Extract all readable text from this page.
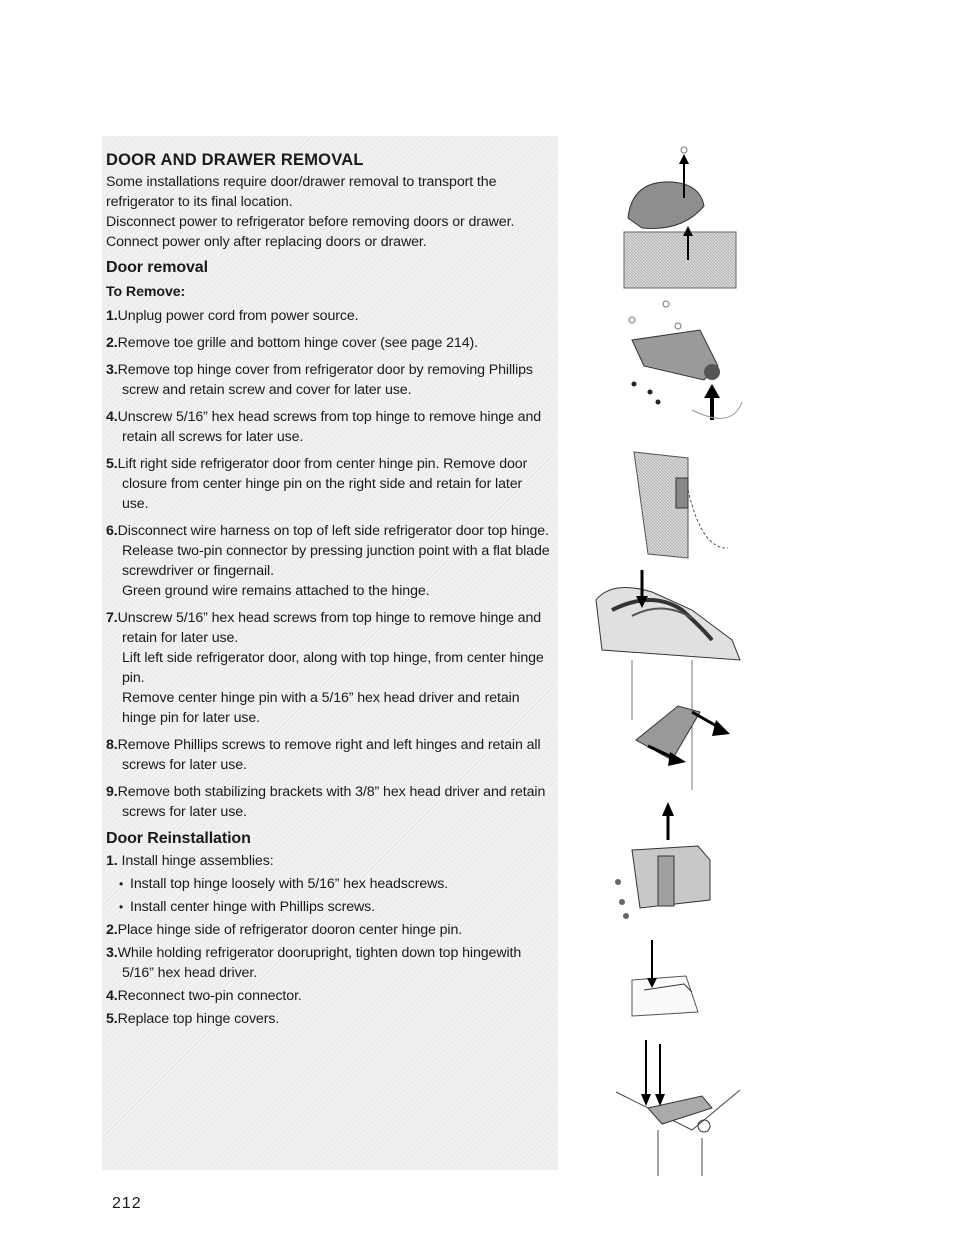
DOOR AND DRAWER REMOVAL

Some installations require door/drawer removal to transport the refrigerator to its final location.

Disconnect power to refrigerator before removing doors or drawer. Connect power only after replacing doors or drawer.

Door removal
To Remove:
1.Unplug power cord from power source.
2.Remove toe grille and bottom hinge cover (see page 214).
3.Remove top hinge cover from refrigerator door by removing Phillips screw and retain screw and cover for later use.
4.Unscrew 5/16” hex head screws from top hinge to remove hinge and retain all screws for later use.
5.Lift right side refrigerator door from center hinge pin. Remove door closure from center hinge pin on the right side and retain for later use.
6.Disconnect wire harness on top of left side refrigerator door top hinge.
Release two-pin connector by pressing junction point with a flat blade screwdriver or fingernail.
Green ground wire remains attached to the hinge.
7.Unscrew 5/16” hex head screws from top hinge to remove hinge and retain for later use.
Lift left side refrigerator door, along with top hinge, from center hinge pin.
Remove center hinge pin with a 5/16” hex head driver and retain hinge pin for later use.
8.Remove Phillips screws to remove right and left hinges and retain all screws for later use.
9.Remove both stabilizing brackets with 3/8” hex head driver and retain screws for later use.
Door Reinstallation
1. Install hinge assemblies:
• Install top hinge loosely with 5/16” hex headscrews.
• Install center hinge with Phillips screws.
2.Place hinge side of refrigerator dooron center hinge pin.
3.While holding refrigerator doorupright, tighten down top hingewith 5/16” hex head driver.
4.Reconnect two-pin connector.
5.Replace top hinge covers.
212
